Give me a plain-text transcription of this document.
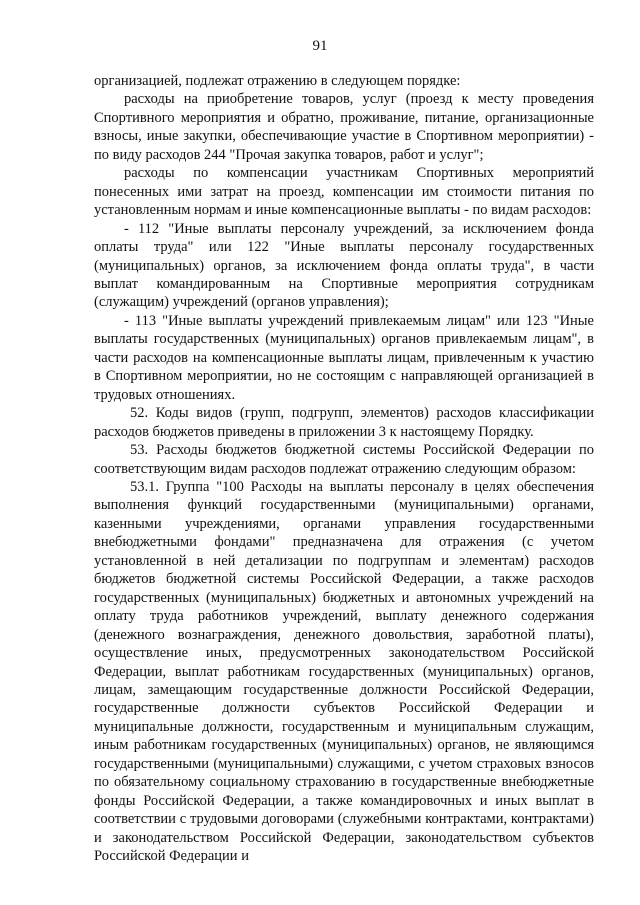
91

организацией, подлежат отражению в следующем порядке:

расходы на приобретение товаров, услуг (проезд к месту проведения Спортивного мероприятия и обратно, проживание, питание, организационные взносы, иные закупки, обеспечивающие участие в Спортивном мероприятии) - по виду расходов 244 "Прочая закупка товаров, работ и услуг";

расходы по компенсации участникам Спортивных мероприятий понесенных ими затрат на проезд, компенсации им стоимости питания по установленным нормам и иные компенсационные выплаты - по видам расходов:

- 112 "Иные выплаты персоналу учреждений, за исключением фонда оплаты труда" или 122 "Иные выплаты персоналу государственных (муниципальных) органов, за исключением фонда оплаты труда", в части выплат командированным на Спортивные мероприятия сотрудникам (служащим) учреждений (органов управления);

- 113 "Иные выплаты учреждений привлекаемым лицам" или 123 "Иные выплаты государственных (муниципальных) органов привлекаемым лицам", в части расходов на компенсационные выплаты лицам, привлеченным к участию в Спортивном мероприятии, но не состоящим с направляющей организацией в трудовых отношениях.

52. Коды видов (групп, подгрупп, элементов) расходов классификации расходов бюджетов приведены в приложении 3 к настоящему Порядку.

53. Расходы бюджетов бюджетной системы Российской Федерации по соответствующим видам расходов подлежат отражению следующим образом:

53.1. Группа "100 Расходы на выплаты персоналу в целях обеспечения выполнения функций государственными (муниципальными) органами, казенными учреждениями, органами управления государственными внебюджетными фондами" предназначена для отражения (с учетом установленной в ней детализации по подгруппам и элементам) расходов бюджетов бюджетной системы Российской Федерации, а также расходов государственных (муниципальных) бюджетных и автономных учреждений на оплату труда работников учреждений, выплату денежного содержания (денежного вознаграждения, денежного довольствия, заработной платы), осуществление иных, предусмотренных законодательством Российской Федерации, выплат работникам государственных (муниципальных) органов, лицам, замещающим государственные должности Российской Федерации, государственные должности субъектов Российской Федерации и муниципальные должности, государственным и муниципальным служащим, иным работникам государственных (муниципальных) органов, не являющимся государственными (муниципальными) служащими, с учетом страховых взносов по обязательному социальному страхованию в государственные внебюджетные фонды Российской Федерации, а также командировочных и иных выплат в соответствии с трудовыми договорами (служебными контрактами, контрактами) и законодательством Российской Федерации, законодательством субъектов Российской Федерации и
